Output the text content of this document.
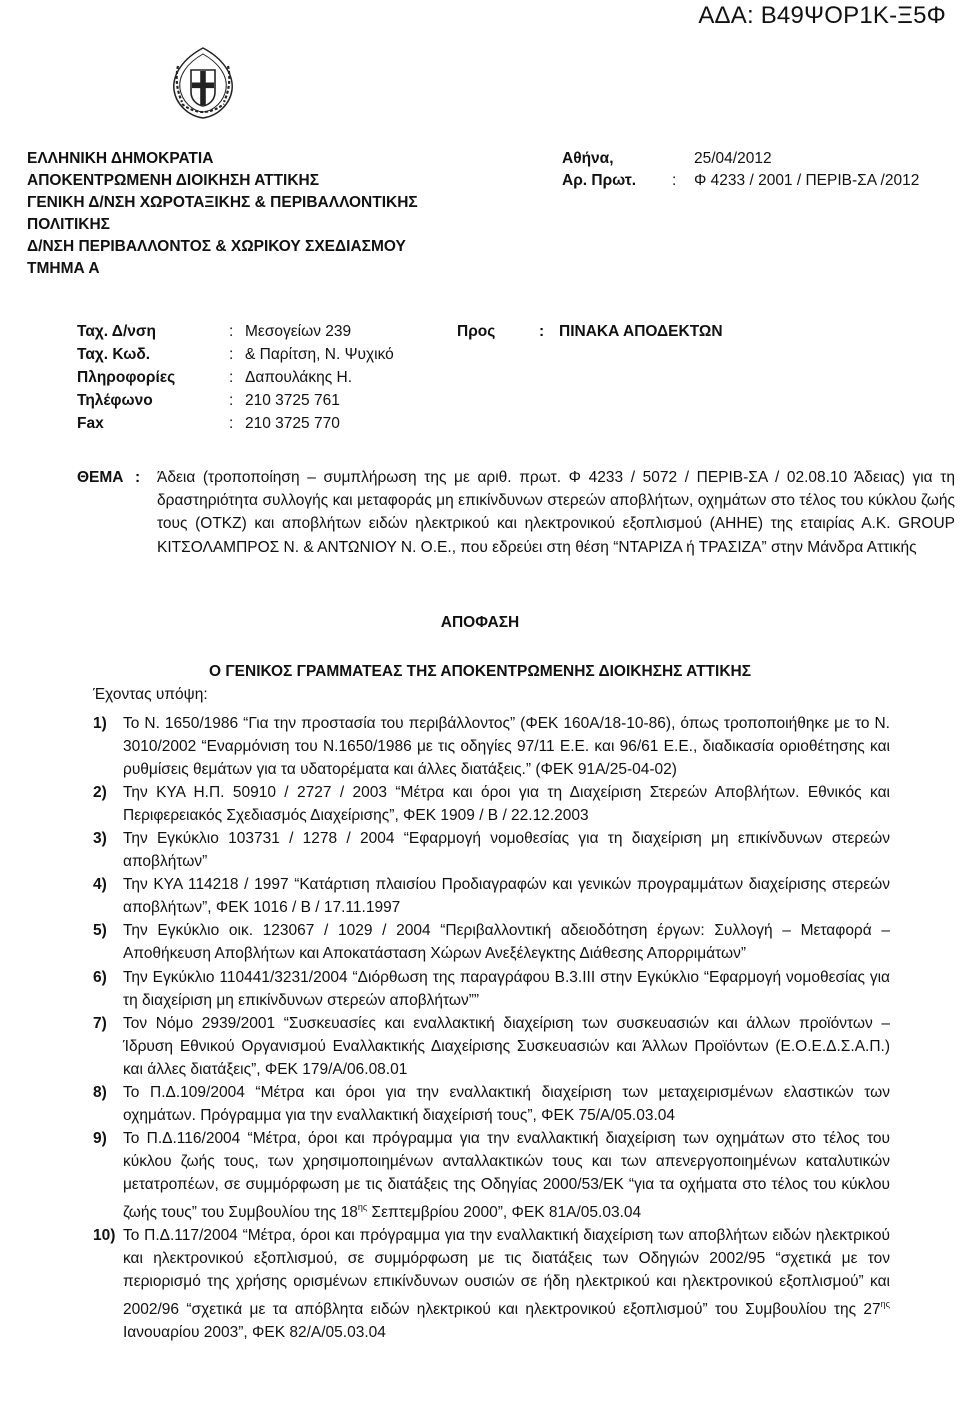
ΑΔΑ: Β49ΨΟΡ1Κ-Ξ5Φ
ΕΛΛΗΝΙΚΗ ΔΗΜΟΚΡΑΤΙΑ
ΑΠΟΚΕΝΤΡΩΜΕΝΗ ΔΙΟΙΚΗΣΗ ΑΤΤΙΚΗΣ
ΓΕΝΙΚΗ Δ/ΝΣΗ ΧΩΡΟΤΑΞΙΚΗΣ & ΠΕΡΙΒΑΛΛΟΝΤΙΚΗΣ
ΠΟΛΙΤΙΚΗΣ
Δ/ΝΣΗ ΠΕΡΙΒΑΛΛΟΝΤΟΣ & ΧΩΡΙΚΟΥ ΣΧΕΔΙΑΣΜΟΥ
ΤΜΗΜΑ Α
Αθήνα,	25/04/2012
Αρ. Πρωτ.	:	Φ 4233 / 2001 / ΠΕΡΙΒ-ΣΑ /2012
Ταχ. Δ/νση	: Μεσογείων 239	Προς	: ΠΙΝΑΚΑ ΑΠΟΔΕΚΤΩΝ
Ταχ. Κωδ.	: & Παρίτση, Ν. Ψυχικό
Πληροφορίες	: Δαπουλάκης Η.
Τηλέφωνο	: 210 3725 761
Fax	: 210 3725 770
ΘΕΜΑ :	Άδεια (τροποποίηση – συμπλήρωση της με αριθ. πρωτ. Φ 4233 / 5072 / ΠΕΡΙΒ-ΣΑ / 02.08.10 Άδειας) για τη δραστηριότητα συλλογής και μεταφοράς μη επικίνδυνων στερεών αποβλήτων, οχημάτων στο τέλος του κύκλου ζωής τους (ΟΤΚΖ) και αποβλήτων ειδών ηλεκτρικού και ηλεκτρονικού εξοπλισμού (ΑΗΗΕ) της εταιρίας Α.Κ. GROUP ΚΙΤΣΟΛΑΜΠΡΟΣ Ν. & ΑΝΤΩΝΙΟΥ Ν. Ο.Ε., που εδρεύει στη θέση “ΝΤΑΡΙΖΑ ή ΤΡΑΣΙΖΑ” στην Μάνδρα Αττικής
ΑΠΟΦΑΣΗ
Ο ΓΕΝΙΚΟΣ ΓΡΑΜΜΑΤΕΑΣ ΤΗΣ ΑΠΟΚΕΝΤΡΩΜΕΝΗΣ ΔΙΟΙΚΗΣΗΣ ΑΤΤΙΚΗΣ
Έχοντας υπόψη:
1)	Το Ν. 1650/1986 “Για την προστασία του περιβάλλοντος” (ΦΕΚ 160Α/18-10-86), όπως τροποποιήθηκε με το Ν. 3010/2002 “Εναρμόνιση του Ν.1650/1986 με τις οδηγίες 97/11 Ε.Ε. και 96/61 Ε.Ε., διαδικασία οριοθέτησης και ρυθμίσεις θεμάτων για τα υδατορέματα και άλλες διατάξεις.” (ΦΕΚ 91Α/25-04-02)
2)	Την ΚΥΑ Η.Π. 50910 / 2727 / 2003 “Μέτρα και όροι για τη Διαχείριση Στερεών Αποβλήτων. Εθνικός και Περιφερειακός Σχεδιασμός Διαχείρισης”, ΦΕΚ 1909 / Β / 22.12.2003
3)	Την Εγκύκλιο 103731 / 1278 / 2004 “Εφαρμογή νομοθεσίας για τη διαχείριση μη επικίνδυνων στερεών αποβλήτων”
4)	Την ΚΥΑ 114218 / 1997 “Κατάρτιση πλαισίου Προδιαγραφών και γενικών προγραμμάτων διαχείρισης στερεών αποβλήτων”, ΦΕΚ 1016 / Β / 17.11.1997
5)	Την Εγκύκλιο οικ. 123067 / 1029 / 2004 “Περιβαλλοντική αδειοδότηση έργων: Συλλογή – Μεταφορά – Αποθήκευση Αποβλήτων και Αποκατάσταση Χώρων Ανεξέλεγκτης Διάθεσης Απορριμάτων”
6)	Την Εγκύκλιο 110441/3231/2004 “Διόρθωση της παραγράφου Β.3.ΙΙΙ στην Εγκύκλιο “Εφαρμογή νομοθεσίας για τη διαχείριση μη επικίνδυνων στερεών αποβλήτων””
7)	Τον Νόμο 2939/2001 “Συσκευασίες και εναλλακτική διαχείριση των συσκευασιών και άλλων προϊόντων – Ίδρυση Εθνικού Οργανισμού Εναλλακτικής Διαχείρισης Συσκευασιών και Άλλων Προϊόντων (Ε.Ο.Ε.Δ.Σ.Α.Π.) και άλλες διατάξεις”, ΦΕΚ 179/Α/06.08.01
8)	Το Π.Δ.109/2004 “Μέτρα και όροι για την εναλλακτική διαχείριση των μεταχειρισμένων ελαστικών των οχημάτων. Πρόγραμμα για την εναλλακτική διαχείρισή τους”, ΦΕΚ 75/Α/05.03.04
9)	Το Π.Δ.116/2004 “Μέτρα, όροι και πρόγραμμα για την εναλλακτική διαχείριση των οχημάτων στο τέλος του κύκλου ζωής τους, των χρησιμοποιημένων ανταλλακτικών τους και των απενεργοποιημένων καταλυτικών μετατροπέων, σε συμμόρφωση με τις διατάξεις της Οδηγίας 2000/53/ΕΚ “για τα οχήματα στο τέλος του κύκλου ζωής τους” του Συμβουλίου της $18^{\eta\varsigma}$ Σεπτεμβρίου 2000”, ΦΕΚ 81Α/05.03.04
10) Το Π.Δ.117/2004 “Μέτρα, όροι και πρόγραμμα για την εναλλακτική διαχείριση των αποβλήτων ειδών ηλεκτρικού και ηλεκτρονικού εξοπλισμού, σε συμμόρφωση με τις διατάξεις των Οδηγιών 2002/95 “σχετικά με τον περιορισμό της χρήσης ορισμένων επικίνδυνων ουσιών σε ήδη ηλεκτρικού και ηλεκτρονικού εξοπλισμού” και 2002/96 “σχετικά με τα απόβλητα ειδών ηλεκτρικού και ηλεκτρονικού εξοπλισμού” του Συμβουλίου της $27^{\eta\varsigma}$ Ιανουαρίου 2003”, ΦΕΚ 82/Α/05.03.04
